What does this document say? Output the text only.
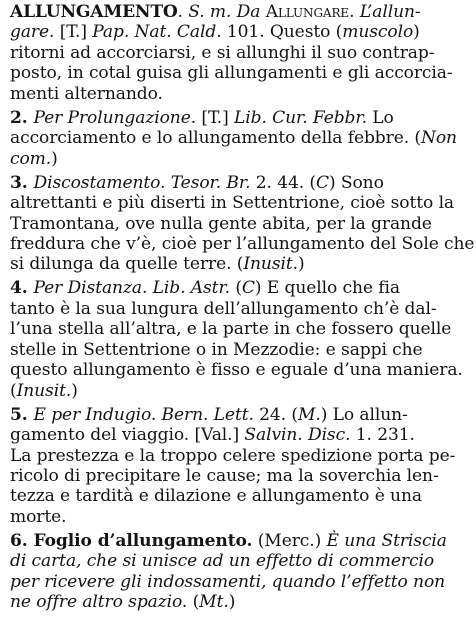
ALLUNGAMENTO. S. m. Da Allungare. L’allun-
gare. [T.] Pap. Nat. Cald. 101. Questo (muscolo)
ritorni ad accorciarsi, e si allunghi il suo contrap-
posto, in cotal guisa gli allungamenti e gli accorcia-
menti alternando.
2. Per Prolungazione. [T.] Lib. Cur. Febbr. Lo
accorciamento e lo allungamento della febbre. (Non
com.)
3. Discostamento. Tesor. Br. 2. 44. (C) Sono
altrettanti e più diserti in Settentrione, cioè sotto la
Tramontana, ove nulla gente abita, per la grande
freddura che v’è, cioè per l’allungamento del Sole che
si dilunga da quelle terre. (Inusit.)
4. Per Distanza. Lib. Astr. (C) E quello che fia
tanto è la sua lungura dell’allungamento ch’è dal-
l’una stella all’altra, e la parte in che fossero quelle
stelle in Settentrione o in Mezzodie: e sappi che
questo allungamento è fisso e eguale d’una maniera.
(Inusit.)
5. E per Indugio. Bern. Lett. 24. (M.) Lo allun-
gamento del viaggio. [Val.] Salvin. Disc. 1. 231.
La prestezza e la troppo celere spedizione porta pe-
ricolo di precipitare le cause; ma la soverchia len-
tezza e tardità e dilazione e allungamento è una
morte.
6. Foglio d’allungamento. (Merc.) È una Striscia
di carta, che si unisce ad un effetto di commercio
per ricevere gli indossamenti, quando l’effetto non
ne offre altro spazio. (Mt.)
